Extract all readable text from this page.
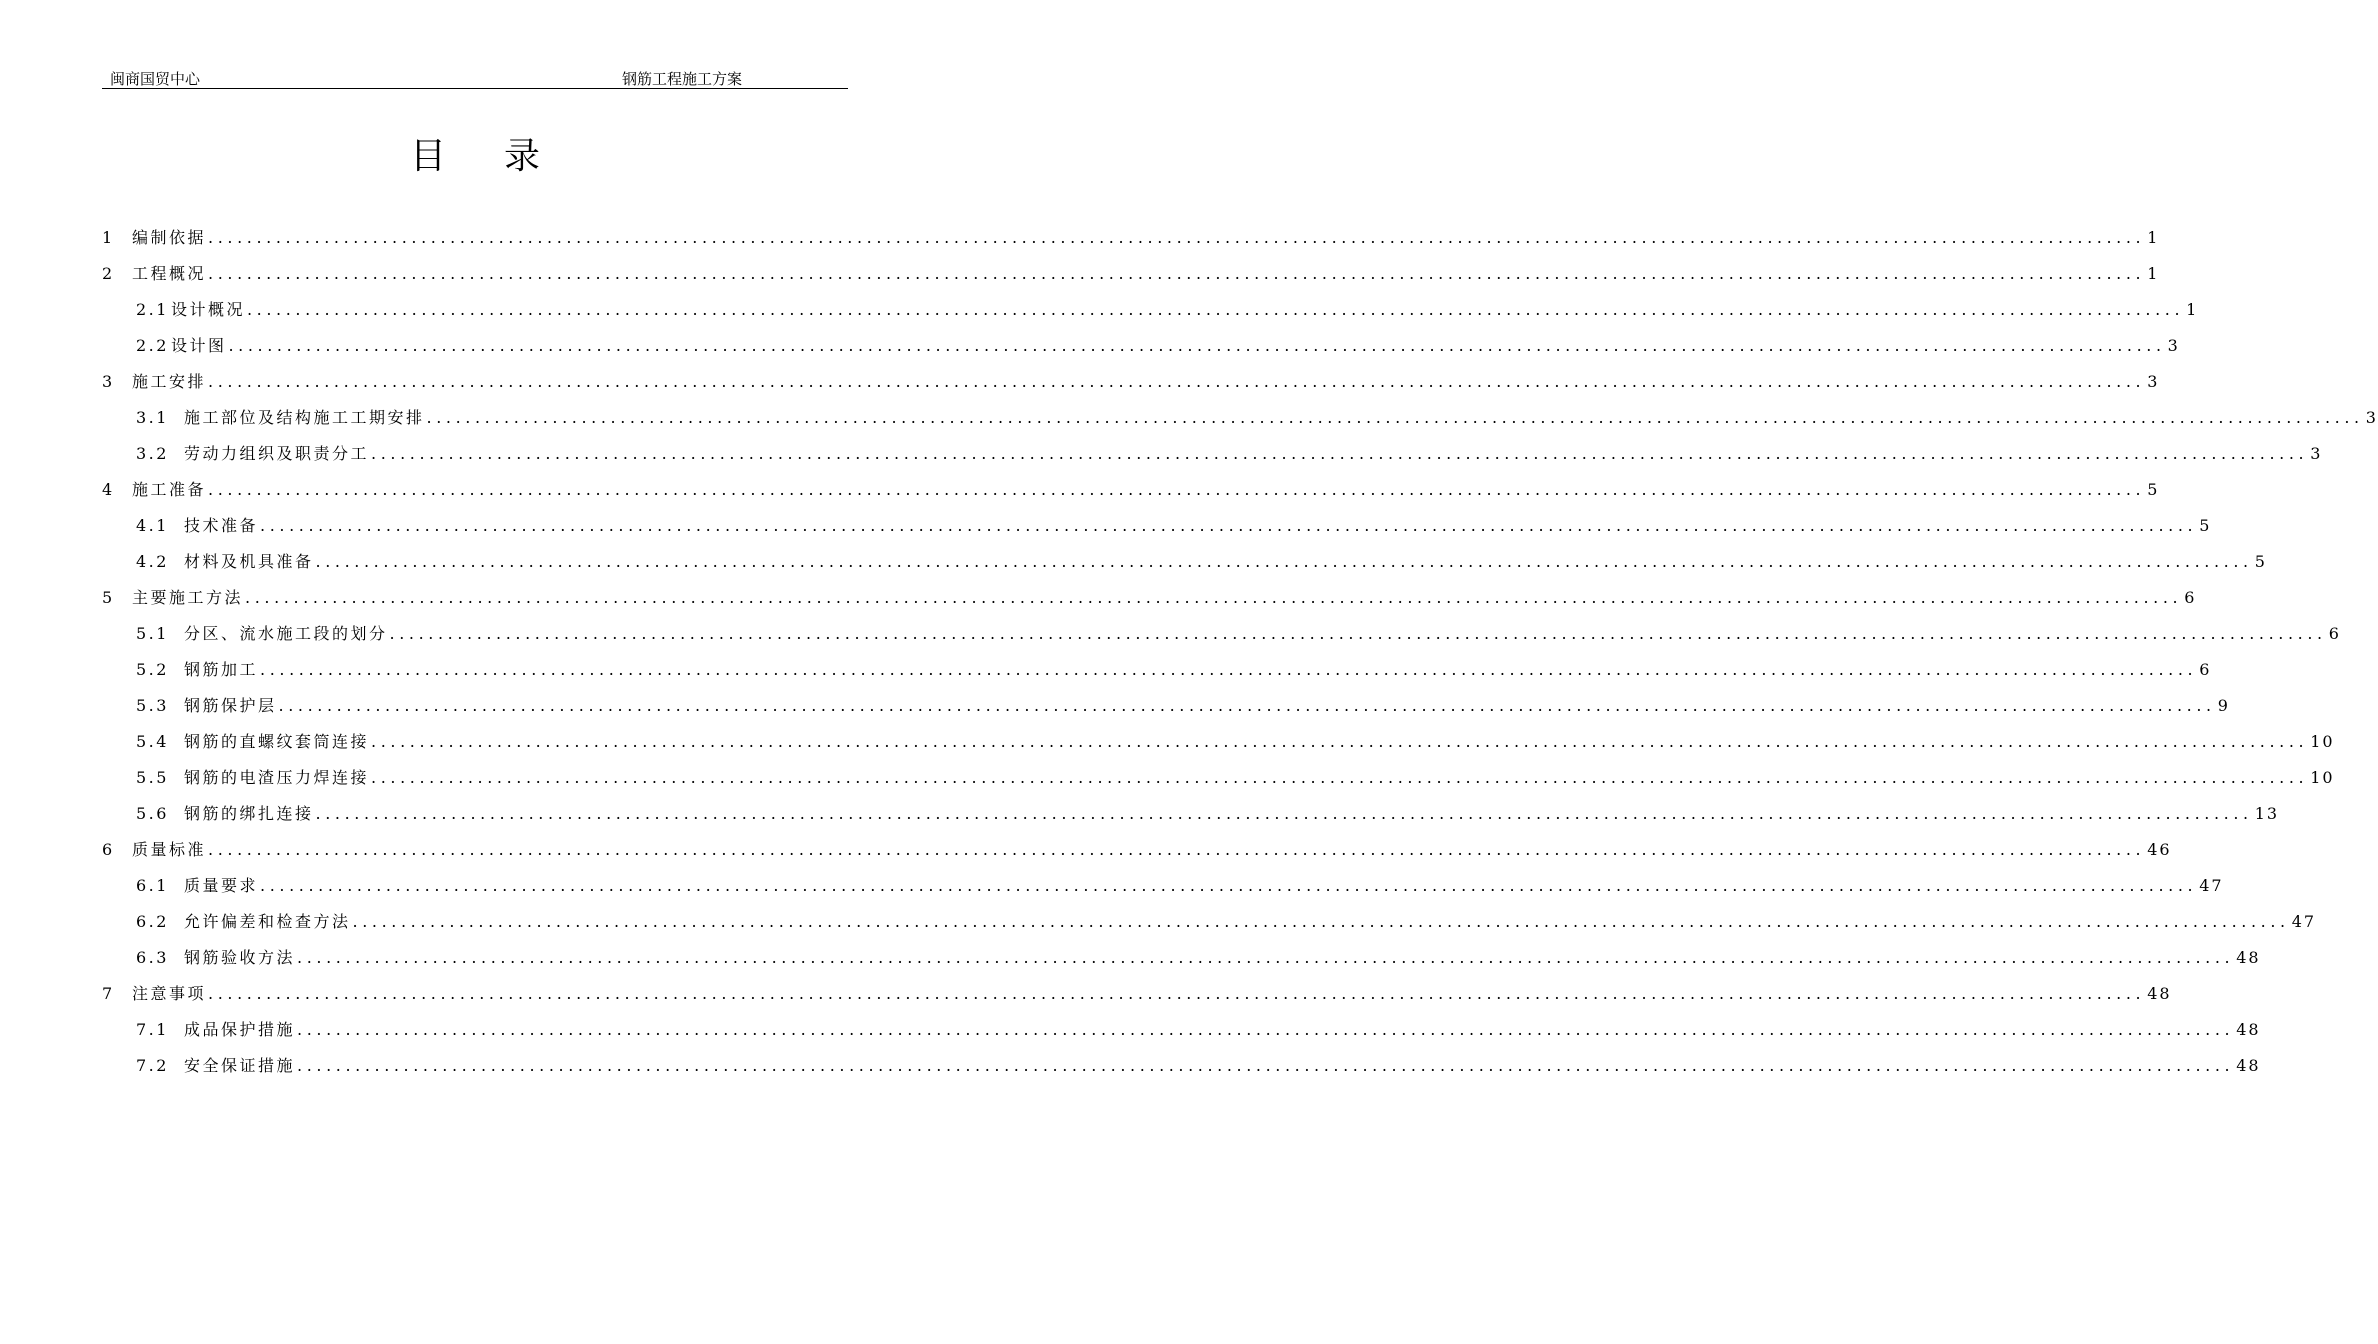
闽商国贸中心	钢筋工程施工方案
目录
1	编制依据 ........................................................................................................................................................................................................ 1
2	工程概况 ........................................................................................................................................................................................................ 1
2.1 设计概况 ........................................................................................................................................................................................................ 1
2.2 设计图 ........................................................................................................................................................................................................ 3
3	施工安排 ........................................................................................................................................................................................................ 3
3.1 施工部位及结构施工工期安排 ........................................................................................................................................................................................................ 3
3.2 劳动力组织及职责分工 ........................................................................................................................................................................................................ 3
4	施工准备 ........................................................................................................................................................................................................ 5
4.1 技术准备 ........................................................................................................................................................................................................ 5
4.2 材料及机具准备 ........................................................................................................................................................................................................ 5
5	主要施工方法 ........................................................................................................................................................................................................ 6
5.1 分区、流水施工段的划分 ........................................................................................................................................................................................................ 6
5.2 钢筋加工 ........................................................................................................................................................................................................ 6
5.3 钢筋保护层 ........................................................................................................................................................................................................ 9
5.4 钢筋的直螺纹套筒连接 ........................................................................................................................................................................................................ 10
5.5 钢筋的电渣压力焊连接 ........................................................................................................................................................................................................ 10
5.6 钢筋的绑扎连接 ........................................................................................................................................................................................................ 13
6	质量标准 ........................................................................................................................................................................................................ 46
6.1 质量要求 ........................................................................................................................................................................................................ 47
6.2 允许偏差和检查方法 ........................................................................................................................................................................................................ 47
6.3 钢筋验收方法 ........................................................................................................................................................................................................ 48
7	注意事项 ........................................................................................................................................................................................................ 48
7.1 成品保护措施 ........................................................................................................................................................................................................ 48
7.2 安全保证措施 ........................................................................................................................................................................................................ 48
